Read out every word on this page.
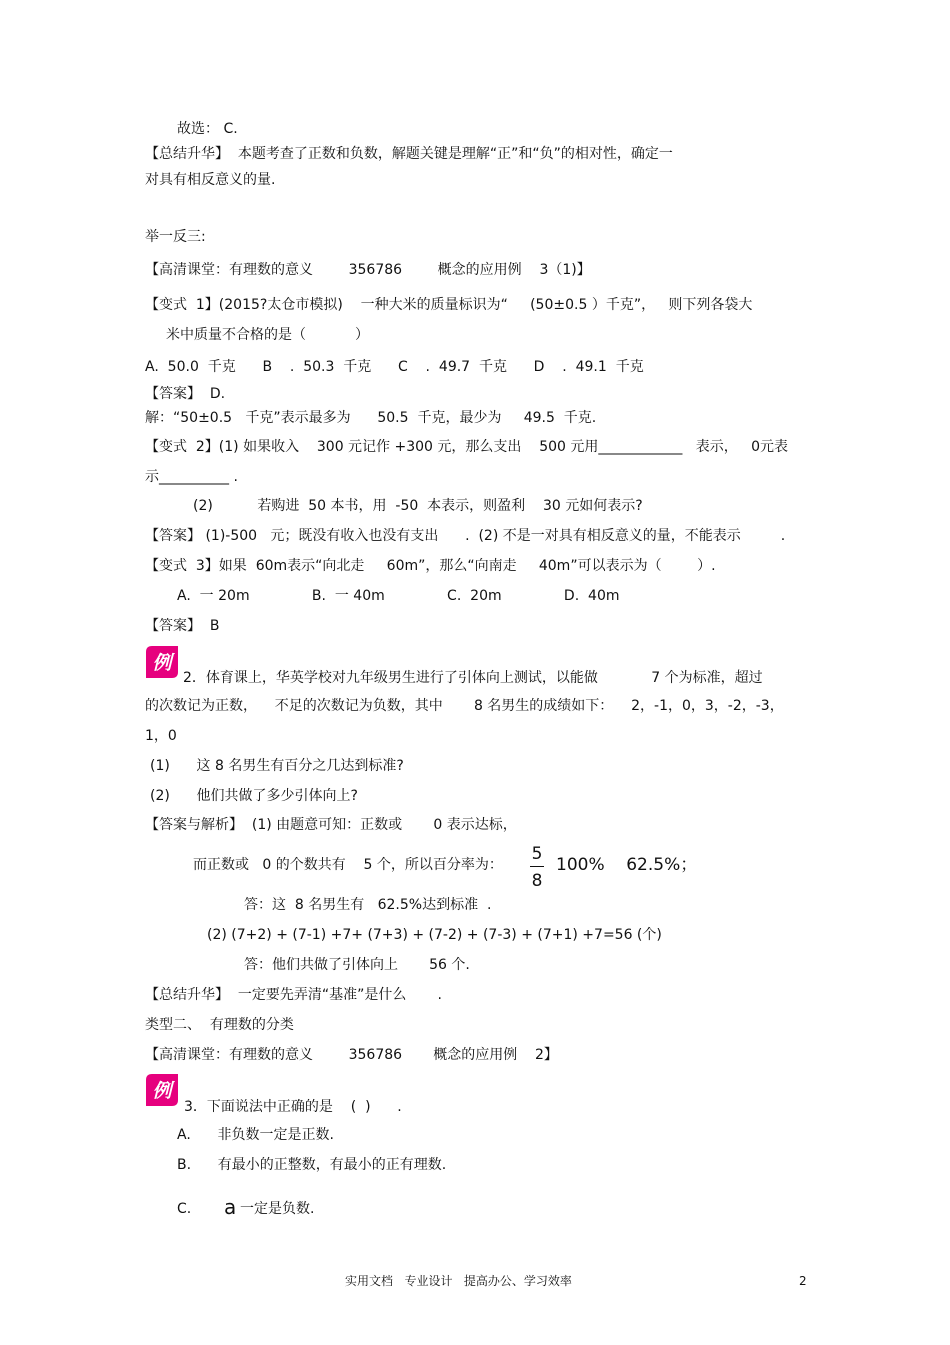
故选： C.
【总结升华】  本题考查了正数和负数，解题关键是理解“正”和“负”的相对性，确定一
对具有相反意义的量.
举一反三:
【高清课堂：有理数的意义        356786        概念的应用例    3（1)】
【变式  1】(2015?太仓市模拟)    一种大米的质量标识为“     (50±0.5 ）千克”，   则下列各袋大
米中质量不合格的是（           ）
A.  50.0  千克      B    .  50.3  千克      C    .  49.7  千克      D    .  49.1  千克
【答案】  D.
解：“50±0.5   千克”表示最多为      50.5  千克，最少为     49.5  千克.
【变式  2】(1) 如果收入    300 元记作 +300 元，那么支出    500 元用____________   表示，   0元表
示__________ .
(2)          若购进  50 本书，用  -50  本表示，则盈利    30 元如何表示?
【答案】 (1)-500   元；既没有收入也没有支出      .  (2) 不是一对具有相反意义的量，不能表示         .
【变式  3】如果  60m表示“向北走     60m”，那么“向南走     40m”可以表示为（        ）.
A.  一 20m              B.  一 40m              C.  20m              D.  40m
【答案】  B
例
2．体育课上，华英学校对九年级男生进行了引体向上测试，以能做            7 个为标准，超过
的次数记为正数，    不足的次数记为负数，其中       8 名男生的成绩如下：    2，-1，0，3，-2，-3，
1，0
(1)      这 8 名男生有百分之几达到标准?
(2)      他们共做了多少引体向上?
【答案与解析】  (1) 由题意可知：正数或       0 表示达标，
而正数或   0 的个数共有    5 个，所以百分率为：
5
8
100%    62.5%；
答：这  8 名男生有   62.5%达到标准  .
(2) (7+2) + (7-1) +7+ (7+3) + (7-2) + (7-3) + (7+1) +7=56 (个)
答：他们共做了引体向上       56 个.
【总结升华】  一定要先弄清“基准”是什么       .
类型二、  有理数的分类
【高清课堂：有理数的意义        356786       概念的应用例    2】
例
3．下面说法中正确的是    (  )      .
A.      非负数一定是正数.
B.      有最小的正整数，有最小的正有理数.
C. a 一定是负数.
实用文档   专业设计   提高办公、学习效率	2
